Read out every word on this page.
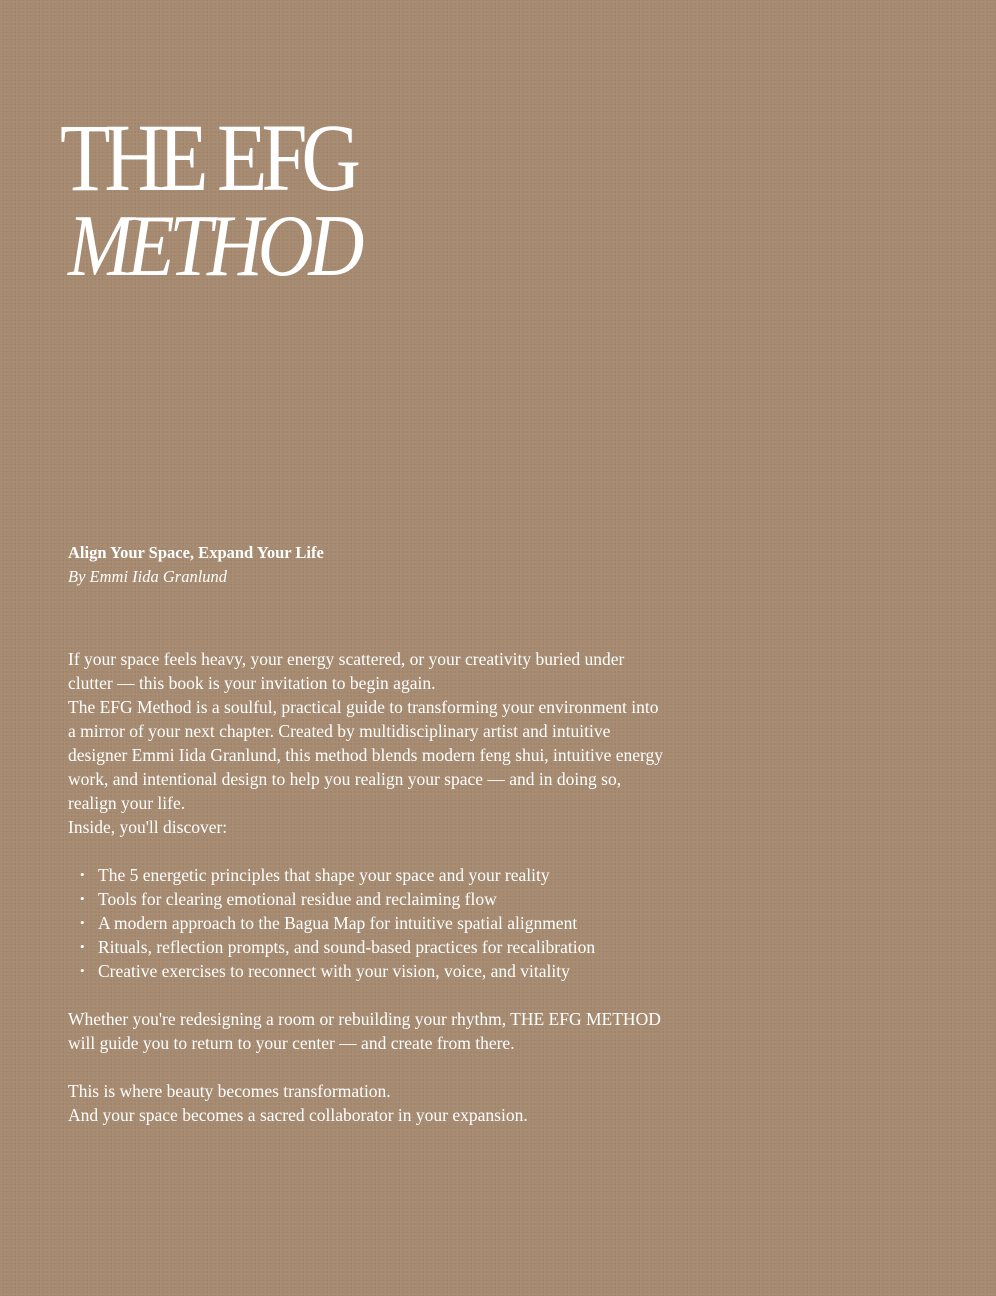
THE EFG
METHOD

Align Your Space, Expand Your Life

By Emmi Iida Granlund

If your space feels heavy, your energy scattered, or your creativity buried under clutter — this book is your invitation to begin again.

The EFG Method is a soulful, practical guide to transforming your environment into a mirror of your next chapter. Created by multidisciplinary artist and intuitive designer Emmi Iida Granlund, this method blends modern feng shui, intuitive energy work, and intentional design to help you realign your space — and in doing so, realign your life.

Inside, you'll discover:

• The 5 energetic principles that shape your space and your reality
• Tools for clearing emotional residue and reclaiming flow
• A modern approach to the Bagua Map for intuitive spatial alignment
• Rituals, reflection prompts, and sound-based practices for recalibration
• Creative exercises to reconnect with your vision, voice, and vitality

Whether you're redesigning a room or rebuilding your rhythm, THE EFG METHOD will guide you to return to your center — and create from there.

This is where beauty becomes transformation.

And your space becomes a sacred collaborator in your expansion.
